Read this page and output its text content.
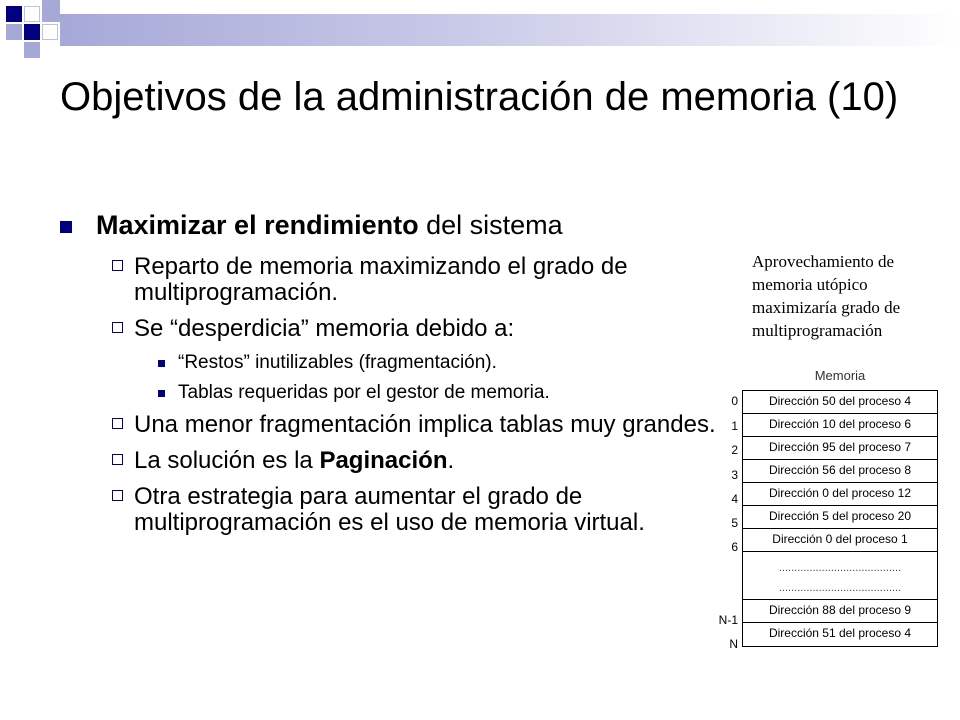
Objetivos de la administración de memoria (10)
Maximizar el rendimiento del sistema
Reparto de memoria maximizando el grado de multiprogramación.
Se “desperdicia” memoria debido a:
“Restos” inutilizables (fragmentación).
Tablas requeridas por el gestor de memoria.
Una menor fragmentación implica tablas muy grandes.
La solución es la Paginación.
Otra estrategia para aumentar el grado de multiprogramación es el uso de memoria virtual.
Aprovechamiento de memoria utópico maximizaría grado de multiprogramación
Memoria
0
1
2
3
4
5
6
N-1
N
Dirección 50 del proceso 4
Dirección 10 del proceso 6
Dirección 95 del proceso 7
Dirección 56 del proceso 8
Dirección 0 del proceso 12
Dirección 5 del proceso 20
Dirección 0 del proceso 1
........................................
........................................
Dirección 88 del proceso 9
Dirección 51 del proceso 4
